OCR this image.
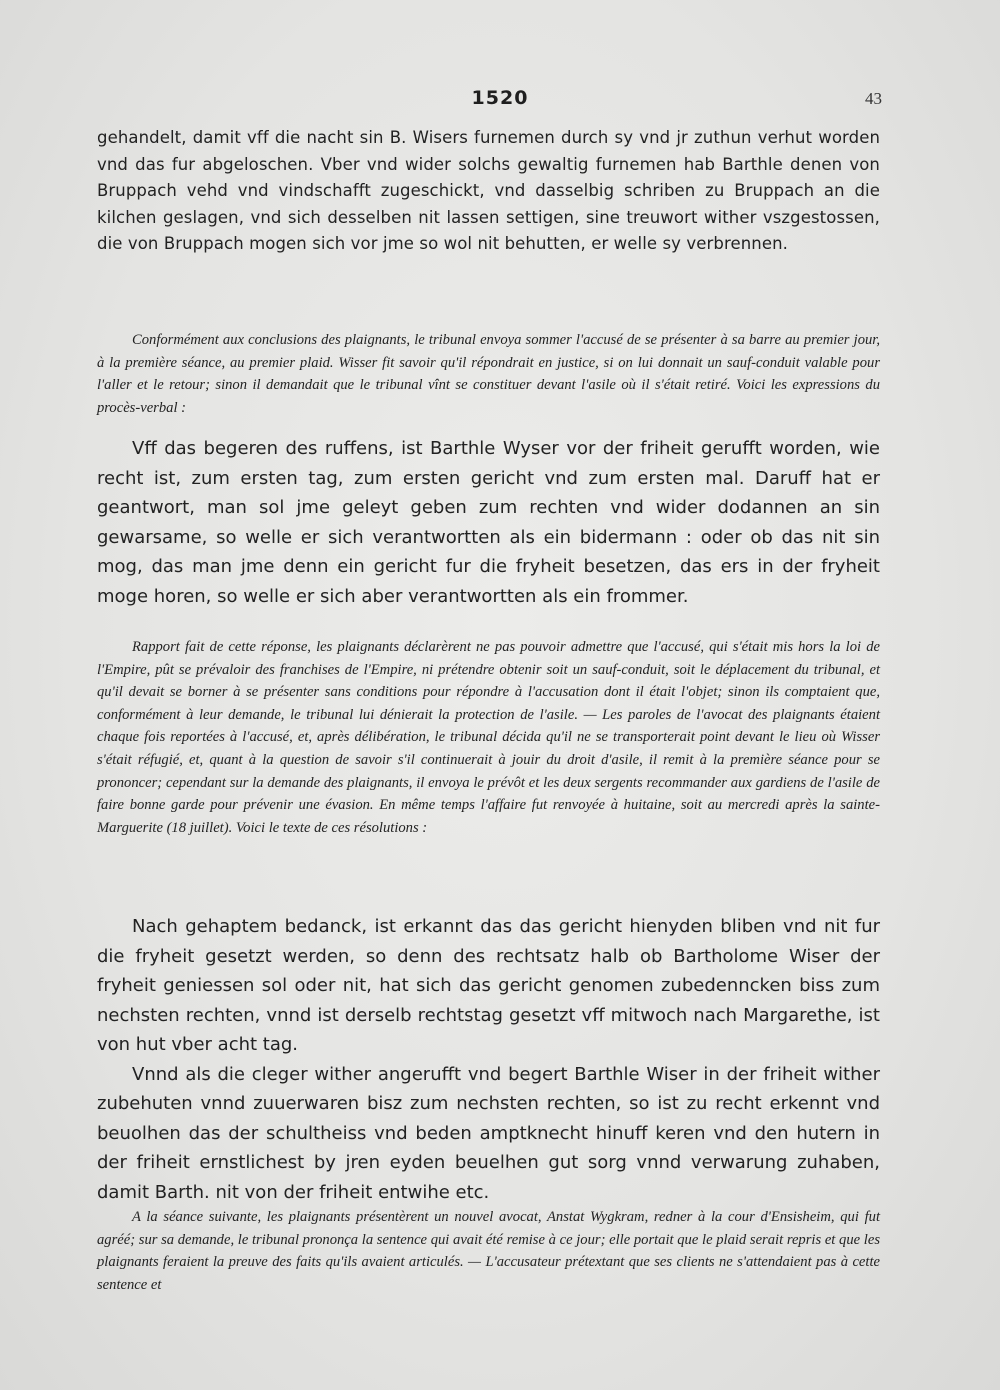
1520	43

gehandelt, damit vff die nacht sin B. Wisers furnemen durch sy vnd jr zuthun verhut worden vnd das fur abgeloschen. Vber vnd wider solchs gewaltig furnemen hab Barthle denen von Bruppach vehd vnd vindschafft zugeschickt, vnd dasselbig schriben zu Bruppach an die kilchen geslagen, vnd sich desselben nit lassen settigen, sine treuwort wither vszgestossen, die von Bruppach mogen sich vor jme so wol nit behutten, er welle sy verbrennen.

Conformément aux conclusions des plaignants, le tribunal envoya sommer l'accusé de se présenter à sa barre au premier jour, à la première séance, au premier plaid. Wisser fit savoir qu'il répondrait en justice, si on lui donnait un sauf-conduit valable pour l'aller et le retour; sinon il demandait que le tribunal vînt se constituer devant l'asile où il s'était retiré. Voici les expressions du procès-verbal :

Vff das begeren des ruffens, ist Barthle Wyser vor der friheit gerufft worden, wie recht ist, zum ersten tag, zum ersten gericht vnd zum ersten mal. Daruff hat er geantwort, man sol jme geleyt geben zum rechten vnd wider dodannen an sin gewarsame, so welle er sich verantwortten als ein bidermann : oder ob das nit sin mog, das man jme denn ein gericht fur die fryheit besetzen, das ers in der fryheit moge horen, so welle er sich aber verantwortten als ein frommer.

Rapport fait de cette réponse, les plaignants déclarèrent ne pas pouvoir admettre que l'accusé, qui s'était mis hors la loi de l'Empire, pût se prévaloir des franchises de l'Empire, ni prétendre obtenir soit un sauf-conduit, soit le déplacement du tribunal, et qu'il devait se borner à se présenter sans conditions pour répondre à l'accusation dont il était l'objet; sinon ils comptaient que, conformément à leur demande, le tribunal lui dénierait la protection de l'asile. — Les paroles de l'avocat des plaignants étaient chaque fois reportées à l'accusé, et, après délibération, le tribunal décida qu'il ne se transporterait point devant le lieu où Wisser s'était réfugié, et, quant à la question de savoir s'il continuerait à jouir du droit d'asile, il remit à la première séance pour se prononcer; cependant sur la demande des plaignants, il envoya le prévôt et les deux sergents recommander aux gardiens de l'asile de faire bonne garde pour prévenir une évasion. En même temps l'affaire fut renvoyée à huitaine, soit au mercredi après la sainte-Marguerite (18 juillet). Voici le texte de ces résolutions :

Nach gehaptem bedanck, ist erkannt das das gericht hienyden bliben vnd nit fur die fryheit gesetzt werden, so denn des rechtsatz halb ob Bartholome Wiser der fryheit geniessen sol oder nit, hat sich das gericht genomen zubedenncken biss zum nechsten rechten, vnnd ist derselb rechtstag gesetzt vff mitwoch nach Margarethe, ist von hut vber acht tag.

Vnnd als die cleger wither angerufft vnd begert Barthle Wiser in der friheit wither zubehuten vnnd zuuerwaren bisz zum nechsten rechten, so ist zu recht erkennt vnd beuolhen das der schultheiss vnd beden amptknecht hinuff keren vnd den hutern in der friheit ernstlichest by jren eyden beuelhen gut sorg vnnd verwarung zuhaben, damit Barth. nit von der friheit entwihe etc.

A la séance suivante, les plaignants présentèrent un nouvel avocat, Anstat Wygkram, redner à la cour d'Ensisheim, qui fut agréé; sur sa demande, le tribunal prononça la sentence qui avait été remise à ce jour; elle portait que le plaid serait repris et que les plaignants feraient la preuve des faits qu'ils avaient articulés. — L'accusateur prétextant que ses clients ne s'attendaient pas à cette sentence et
